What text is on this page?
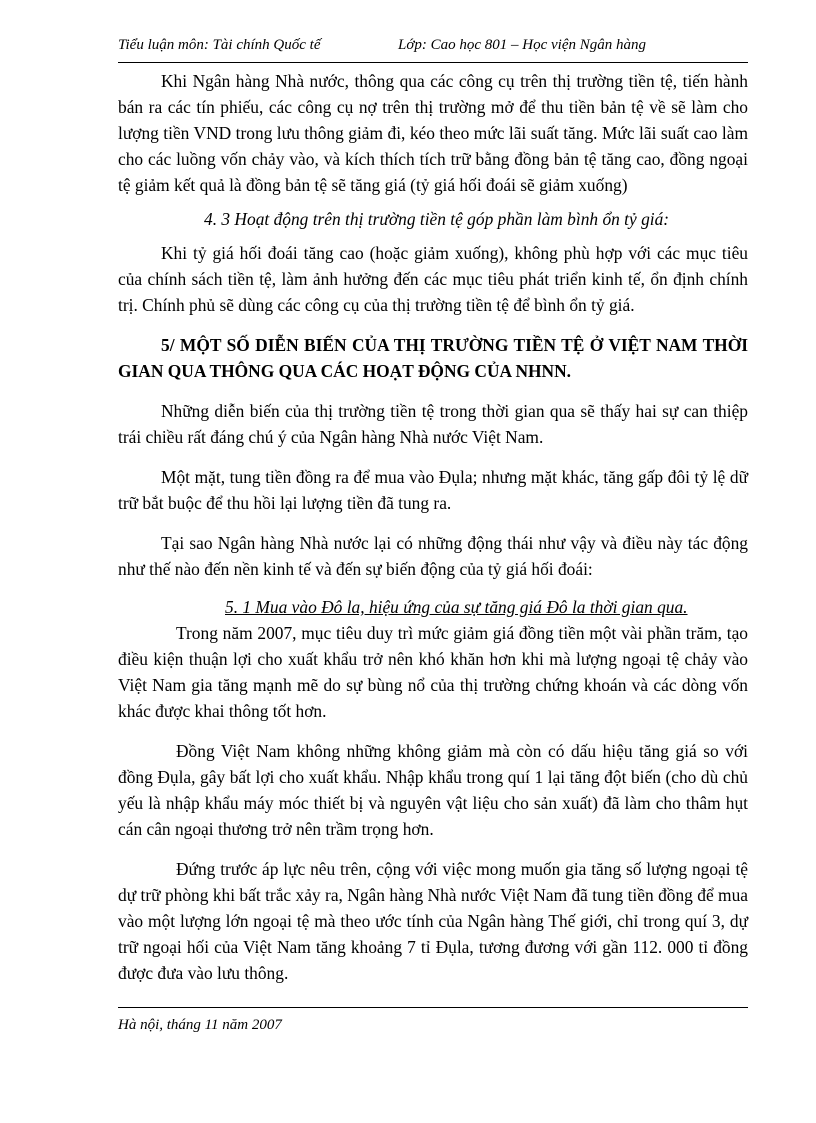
Tiểu luận môn: Tài chính Quốc tế	Lớp: Cao học 801 – Học viện Ngân hàng

Khi Ngân hàng Nhà nước, thông qua các công cụ trên thị trường tiền tệ, tiến hành bán ra các tín phiếu, các công cụ nợ trên thị trường mở để thu tiền bản tệ về sẽ làm cho lượng tiền VND trong lưu thông giảm đi, kéo theo mức lãi suất tăng. Mức lãi suất cao làm cho các luồng vốn chảy vào, và kích thích tích trữ bằng đồng bản tệ tăng cao, đồng ngoại tệ giảm kết quả là đồng bản tệ sẽ tăng giá (tỷ giá hối đoái sẽ giảm xuống)

4. 3 Hoạt động trên thị trường tiền tệ góp phần làm bình ổn tỷ giá:

Khi tỷ giá hối đoái tăng cao (hoặc giảm xuống), không phù hợp với các mục tiêu của chính sách tiền tệ, làm ảnh hưởng đến các mục tiêu phát triển kinh tế, ổn định chính trị. Chính phủ sẽ dùng các công cụ của thị trường tiền tệ để bình ổn tỷ giá.

5/ MỘT SỐ DIỄN BIẾN CỦA THỊ TRƯỜNG TIỀN TỆ Ở VIỆT NAM THỜI GIAN QUA THÔNG QUA CÁC HOẠT ĐỘNG CỦA NHNN.

Những diễn biến của thị trường tiền tệ trong thời gian qua sẽ thấy hai sự can thiệp trái chiều rất đáng chú ý của Ngân hàng Nhà nước Việt Nam.

Một mặt, tung tiền đồng ra để mua vào Đụla; nhưng mặt khác, tăng gấp đôi tỷ lệ dữ trữ bắt buộc để thu hồi lại lượng tiền đã tung ra.

Tại sao Ngân hàng Nhà nước lại có những động thái như vậy và điều này tác động như thế nào đến nền kinh tế và đến sự biến động của tỷ giá hối đoái:

5. 1 Mua vào Đô la, hiệu ứng của sự tăng giá Đô la thời gian qua.

Trong năm 2007, mục tiêu duy trì mức giảm giá đồng tiền một vài phần trăm, tạo điều kiện thuận lợi cho xuất khẩu trở nên khó khăn hơn khi mà lượng ngoại tệ chảy vào Việt Nam gia tăng mạnh mẽ do sự bùng nổ của thị trường chứng khoán và các dòng vốn khác được khai thông tốt hơn.

Đồng Việt Nam không những không giảm mà còn có dấu hiệu tăng giá so với đồng Đụla, gây bất lợi cho xuất khẩu. Nhập khẩu trong quí 1 lại tăng đột biến (cho dù chủ yếu là nhập khẩu máy móc thiết bị và nguyên vật liệu cho sản xuất) đã làm cho thâm hụt cán cân ngoại thương trở nên trầm trọng hơn.

Đứng trước áp lực nêu trên, cộng với việc mong muốn gia tăng số lượng ngoại tệ dự trữ phòng khi bất trắc xảy ra, Ngân hàng Nhà nước Việt Nam đã tung tiền đồng để mua vào một lượng lớn ngoại tệ mà theo ước tính của Ngân hàng Thế giới, chỉ trong quí 3, dự trữ ngoại hối của Việt Nam tăng khoảng 7 tỉ Đụla, tương đương với gần 112. 000 tỉ đồng được đưa vào lưu thông.

Hà nội, tháng 11 năm 2007
